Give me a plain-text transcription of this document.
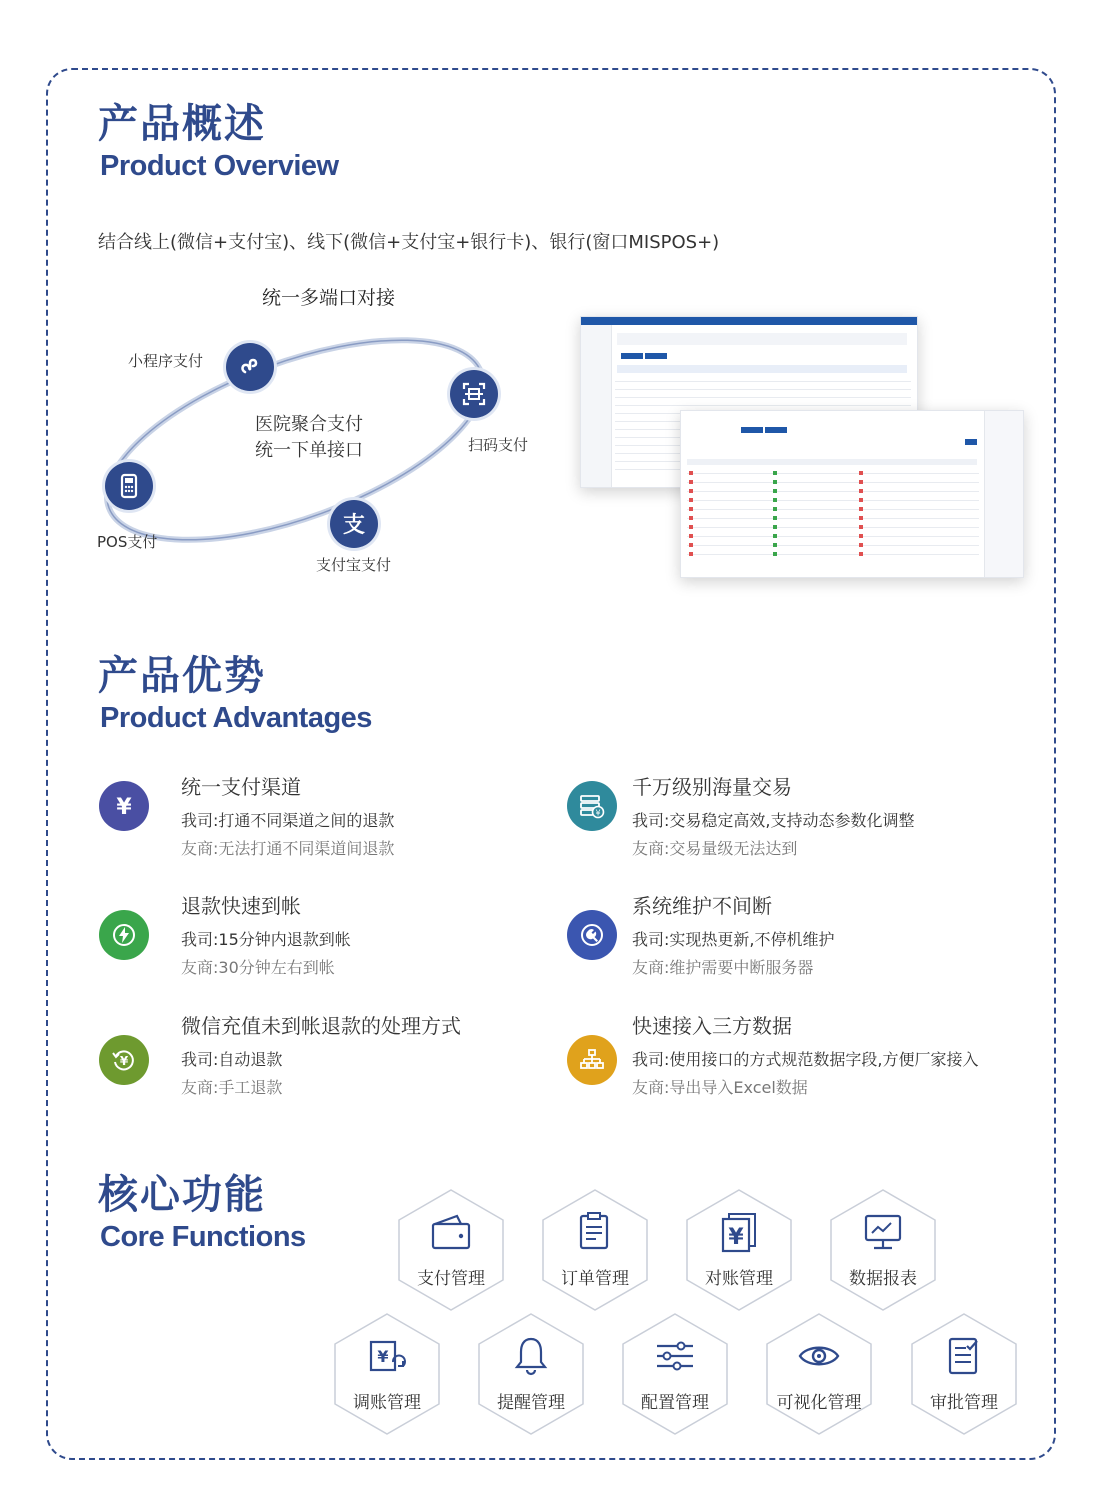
产品概述
Product Overview
结合线上(微信+支付宝)、线下(微信+支付宝+银行卡)、银行(窗口MISPOS+)
统一多端口对接
医院聚合支付
统一下单接口
小程序支付
扫码支付
POS支付
支
支付宝支付
产品优势
Product Advantages
¥
统一支付渠道
我司:打通不同渠道之间的退款
友商:无法打通不同渠道间退款
¥
千万级别海量交易
我司:交易稳定高效,支持动态参数化调整
友商:交易量级无法达到
退款快速到帐
我司:15分钟内退款到帐
友商:30分钟左右到帐
系统维护不间断
我司:实现热更新,不停机维护
友商:维护需要中断服务器
¥
微信充值未到帐退款的处理方式
我司:自动退款
友商:手工退款
快速接入三方数据
我司:使用接口的方式规范数据字段,方便厂家接入
友商:导出导入Excel数据
核心功能
Core Functions
支付管理	订单管理
¥
对账管理	数据报表
¥
调账管理	提醒管理	配置管理	可视化管理	审批管理
